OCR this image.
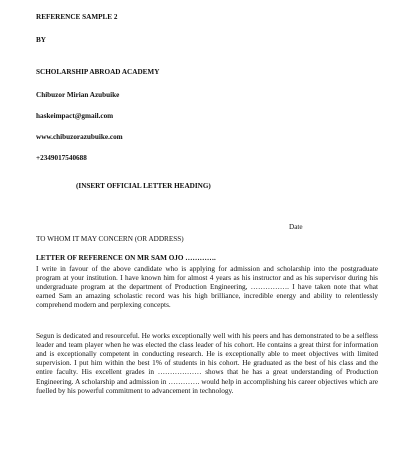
REFERENCE SAMPLE 2
BY
SCHOLARSHIP ABROAD ACADEMY
Chibuzor Mirian Azubuike
haskeimpact@gmail.com
www.chibuzorazubuike.com
+2349017540688
(INSERT OFFICIAL LETTER HEADING)
Date
TO WHOM IT MAY CONCERN (OR ADDRESS)
LETTER OF REFERENCE ON MR SAM OJO ………….
I write in favour of the above candidate who is applying for admission and scholarship into the postgraduate program at your institution. I have known him for almost 4 years as his instructor and as his supervisor during his undergraduate program at the department of Production Engineering, ……………. I have taken note that what earned Sam an amazing scholastic record was his high brilliance, incredible energy and ability to relentlessly comprehend modern and perplexing concepts.
Segun is dedicated and resourceful. He works exceptionally well with his peers and has demonstrated to be a selfless leader and team player when he was elected the class leader of his cohort. He contains a great thirst for information and is exceptionally competent in conducting research. He is exceptionally able to meet objectives with limited supervision. I put him within the best 1% of students in his cohort. He graduated as the best of his class and the entire faculty. His excellent grades in ……………… shows that he has a great understanding of Production Engineering. A scholarship and admission in …………. would help in accomplishing his career objectives which are fuelled by his powerful commitment to advancement in technology.
